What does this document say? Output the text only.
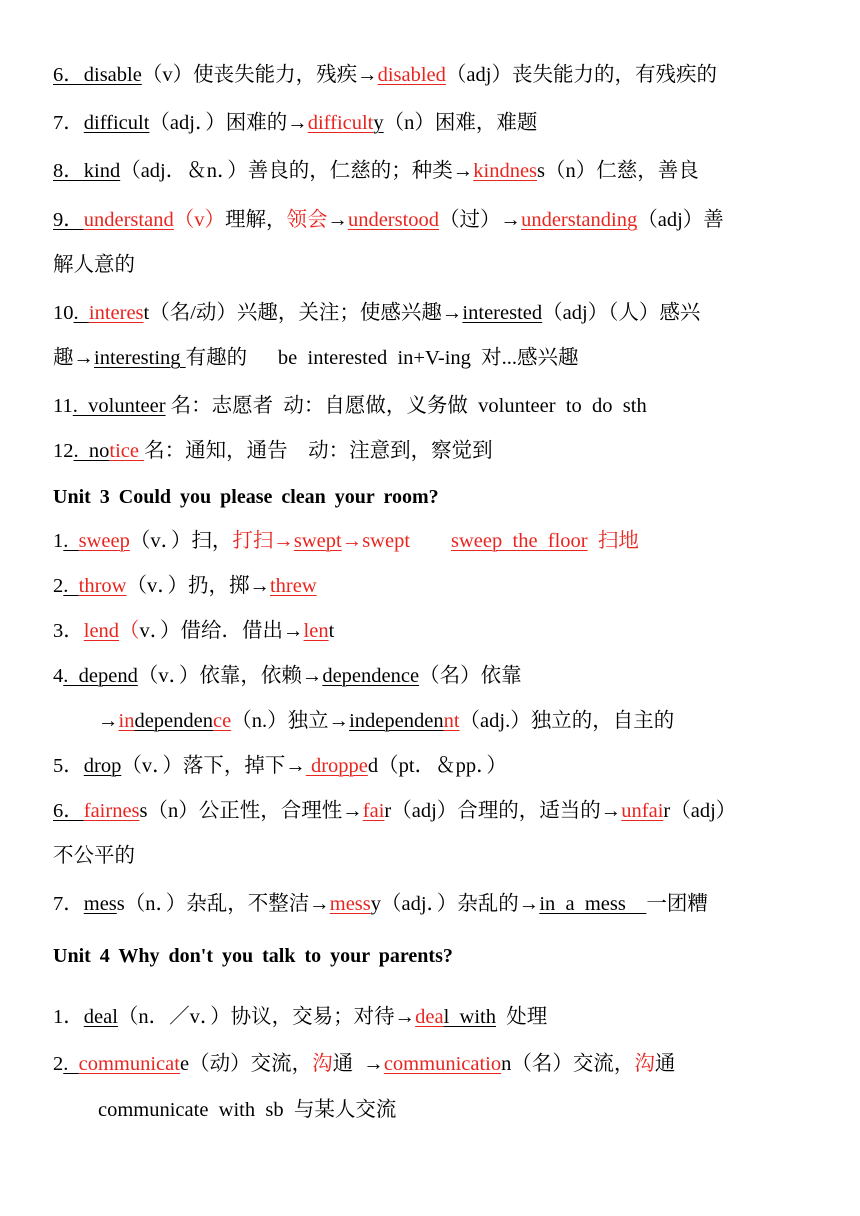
6．disable（v）使丧失能力，残疾→disabled（adj）丧失能力的，有残疾的
7．difficult（adj．）困难的→difficulty（n）困难，难题
8．kind（adj．＆n．）善良的，仁慈的；种类→kindness（n）仁慈，善良
9．understand（v）理解，领会→understood（过）→understanding（adj）善
解人意的
10.  interest（名/动）兴趣，关注；使感兴趣→interested（adj）（人）感兴
趣→interesting 有趣的      be  interested  in+V-ing  对...感兴趣
11.  volunteer 名：志愿者  动：自愿做，义务做  volunteer  to  do  sth
12.  notice 名：通知，通告    动：注意到，察觉到
Unit 3 Could you please clean your room?
1.  sweep（v．）扫，打扫→swept→swept        sweep  the  floor  扫地
2.  throw（v．）扔，掷→threw
3．lend（v．）借给．借出→lent
4.  depend（v．）依靠，依赖→dependence（名）依靠
→independence（n.）独立→independennt（adj.）独立的，自主的
5．drop（v．）落下，掉下→ dropped（pt．＆pp．）
6．fairness（n）公正性，合理性→fair（adj）合理的，适当的→unfair（adj）
不公平的
7．mess（n．）杂乱，不整洁→messy（adj．）杂乱的→in  a  mess    一团糟
Unit 4 Why don't you talk to your parents?
1．deal（n．／v．）协议，交易；对待→deal  with  处理
2.  communicate（动）交流，沟通  →communication（名）交流，沟通
communicate  with  sb  与某人交流
